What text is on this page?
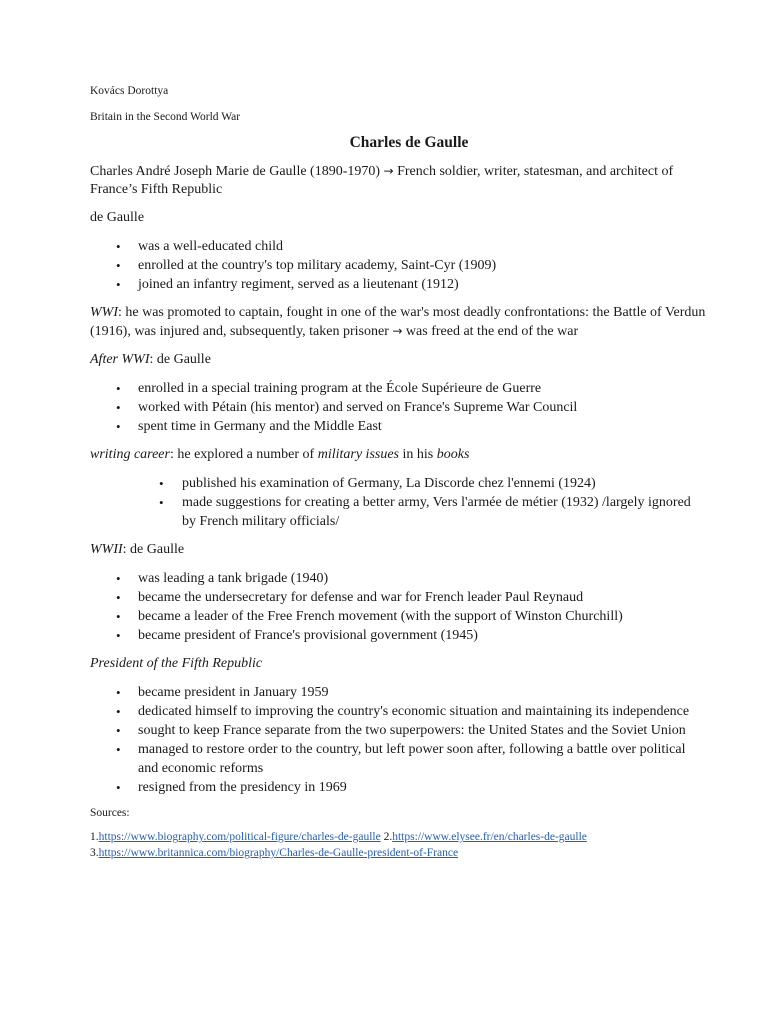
Kovács Dorottya
Britain in the Second World War
Charles de Gaulle

Charles André Joseph Marie de Gaulle (1890-1970) → French soldier, writer, statesman, and architect of France’s Fifth Republic

de Gaulle

• was a well-educated child
• enrolled at the country's top military academy, Saint-Cyr (1909)
• joined an infantry regiment, served as a lieutenant (1912)

WWI: he was promoted to captain, fought in one of the war's most deadly confrontations: the Battle of Verdun (1916), was injured and, subsequently, taken prisoner → was freed at the end of the war

After WWI: de Gaulle

• enrolled in a special training program at the École Supérieure de Guerre
• worked with Pétain (his mentor) and served on France's Supreme War Council
• spent time in Germany and the Middle East

writing career: he explored a number of military issues in his books

• published his examination of Germany, La Discorde chez l'ennemi (1924)
• made suggestions for creating a better army, Vers l'armée de métier (1932) /largely ignored by French military officials/

WWII: de Gaulle

• was leading a tank brigade (1940)
• became the undersecretary for defense and war for French leader Paul Reynaud
• became a leader of the Free French movement (with the support of Winston Churchill)
• became president of France's provisional government (1945)

President of the Fifth Republic

• became president in January 1959
• dedicated himself to improving the country's economic situation and maintaining its independence
• sought to keep France separate from the two superpowers: the United States and the Soviet Union
• managed to restore order to the country, but left power soon after, following a battle over political and economic reforms
• resigned from the presidency in 1969
Sources:

1.https://www.biography.com/political-figure/charles-de-gaulle 2.https://www.elysee.fr/en/charles-de-gaulle

3.https://www.britannica.com/biography/Charles-de-Gaulle-president-of-France
